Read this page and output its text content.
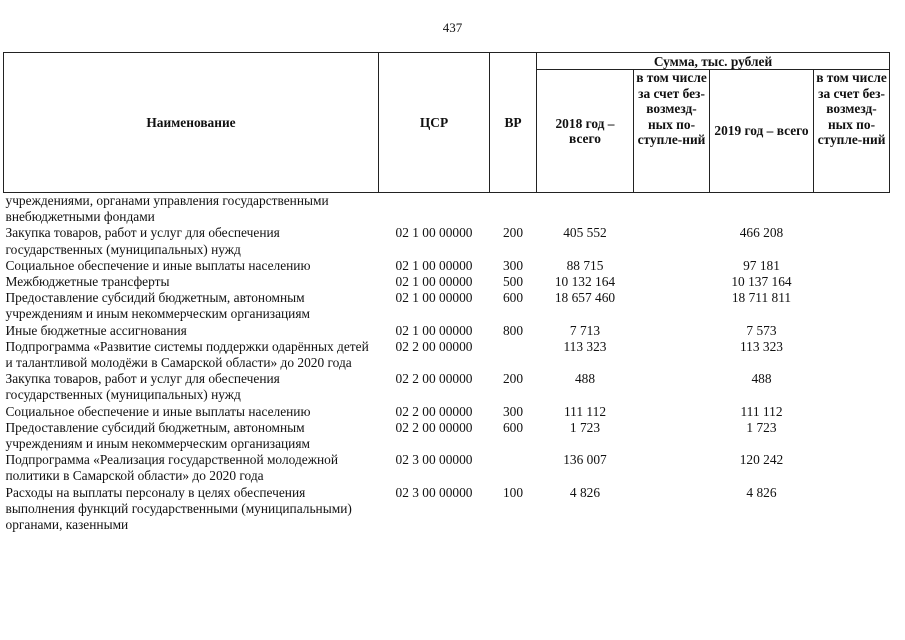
437
Наименование	ЦСР	ВР	Сумма, тыс. рублей			
			2018 год – всего	в том числе за счет без-возмезд-ных по-ступле-ний	2019 год – всего	в том числе за счет без-возмезд-ных по-ступле-ний
учреждениями, органами управления государственными внебюджетными фондами						
Закупка товаров, работ и услуг для обеспечения государственных (муниципальных) нужд	02 1 00 00000	200	405 552		466 208	
Социальное обеспечение и иные выплаты населению	02 1 00 00000	300	88 715		97 181	
Межбюджетные трансферты	02 1 00 00000	500	10 132 164		10 137 164	
Предоставление субсидий бюджетным, автономным учреждениям и иным некоммерческим организациям	02 1 00 00000	600	18 657 460		18 711 811	
Иные бюджетные ассигнования	02 1 00 00000	800	7 713		7 573	
Подпрограмма «Развитие системы поддержки одарённых детей и талантливой молодёжи в Самарской области» до 2020 года	02 2 00 00000		113 323		113 323	
Закупка товаров, работ и услуг для обеспечения государственных (муниципальных) нужд	02 2 00 00000	200	488		488	
Социальное обеспечение и иные выплаты населению	02 2 00 00000	300	111 112		111 112	
Предоставление субсидий бюджетным, автономным учреждениям и иным некоммерческим организациям	02 2 00 00000	600	1 723		1 723	
Подпрограмма «Реализация государственной молодежной политики в Самарской области» до 2020 года	02 3 00 00000		136 007		120 242	
Расходы на выплаты персоналу в целях обеспечения выполнения функций государственными (муниципальными) органами, казенными	02 3 00 00000	100	4 826		4 826	
